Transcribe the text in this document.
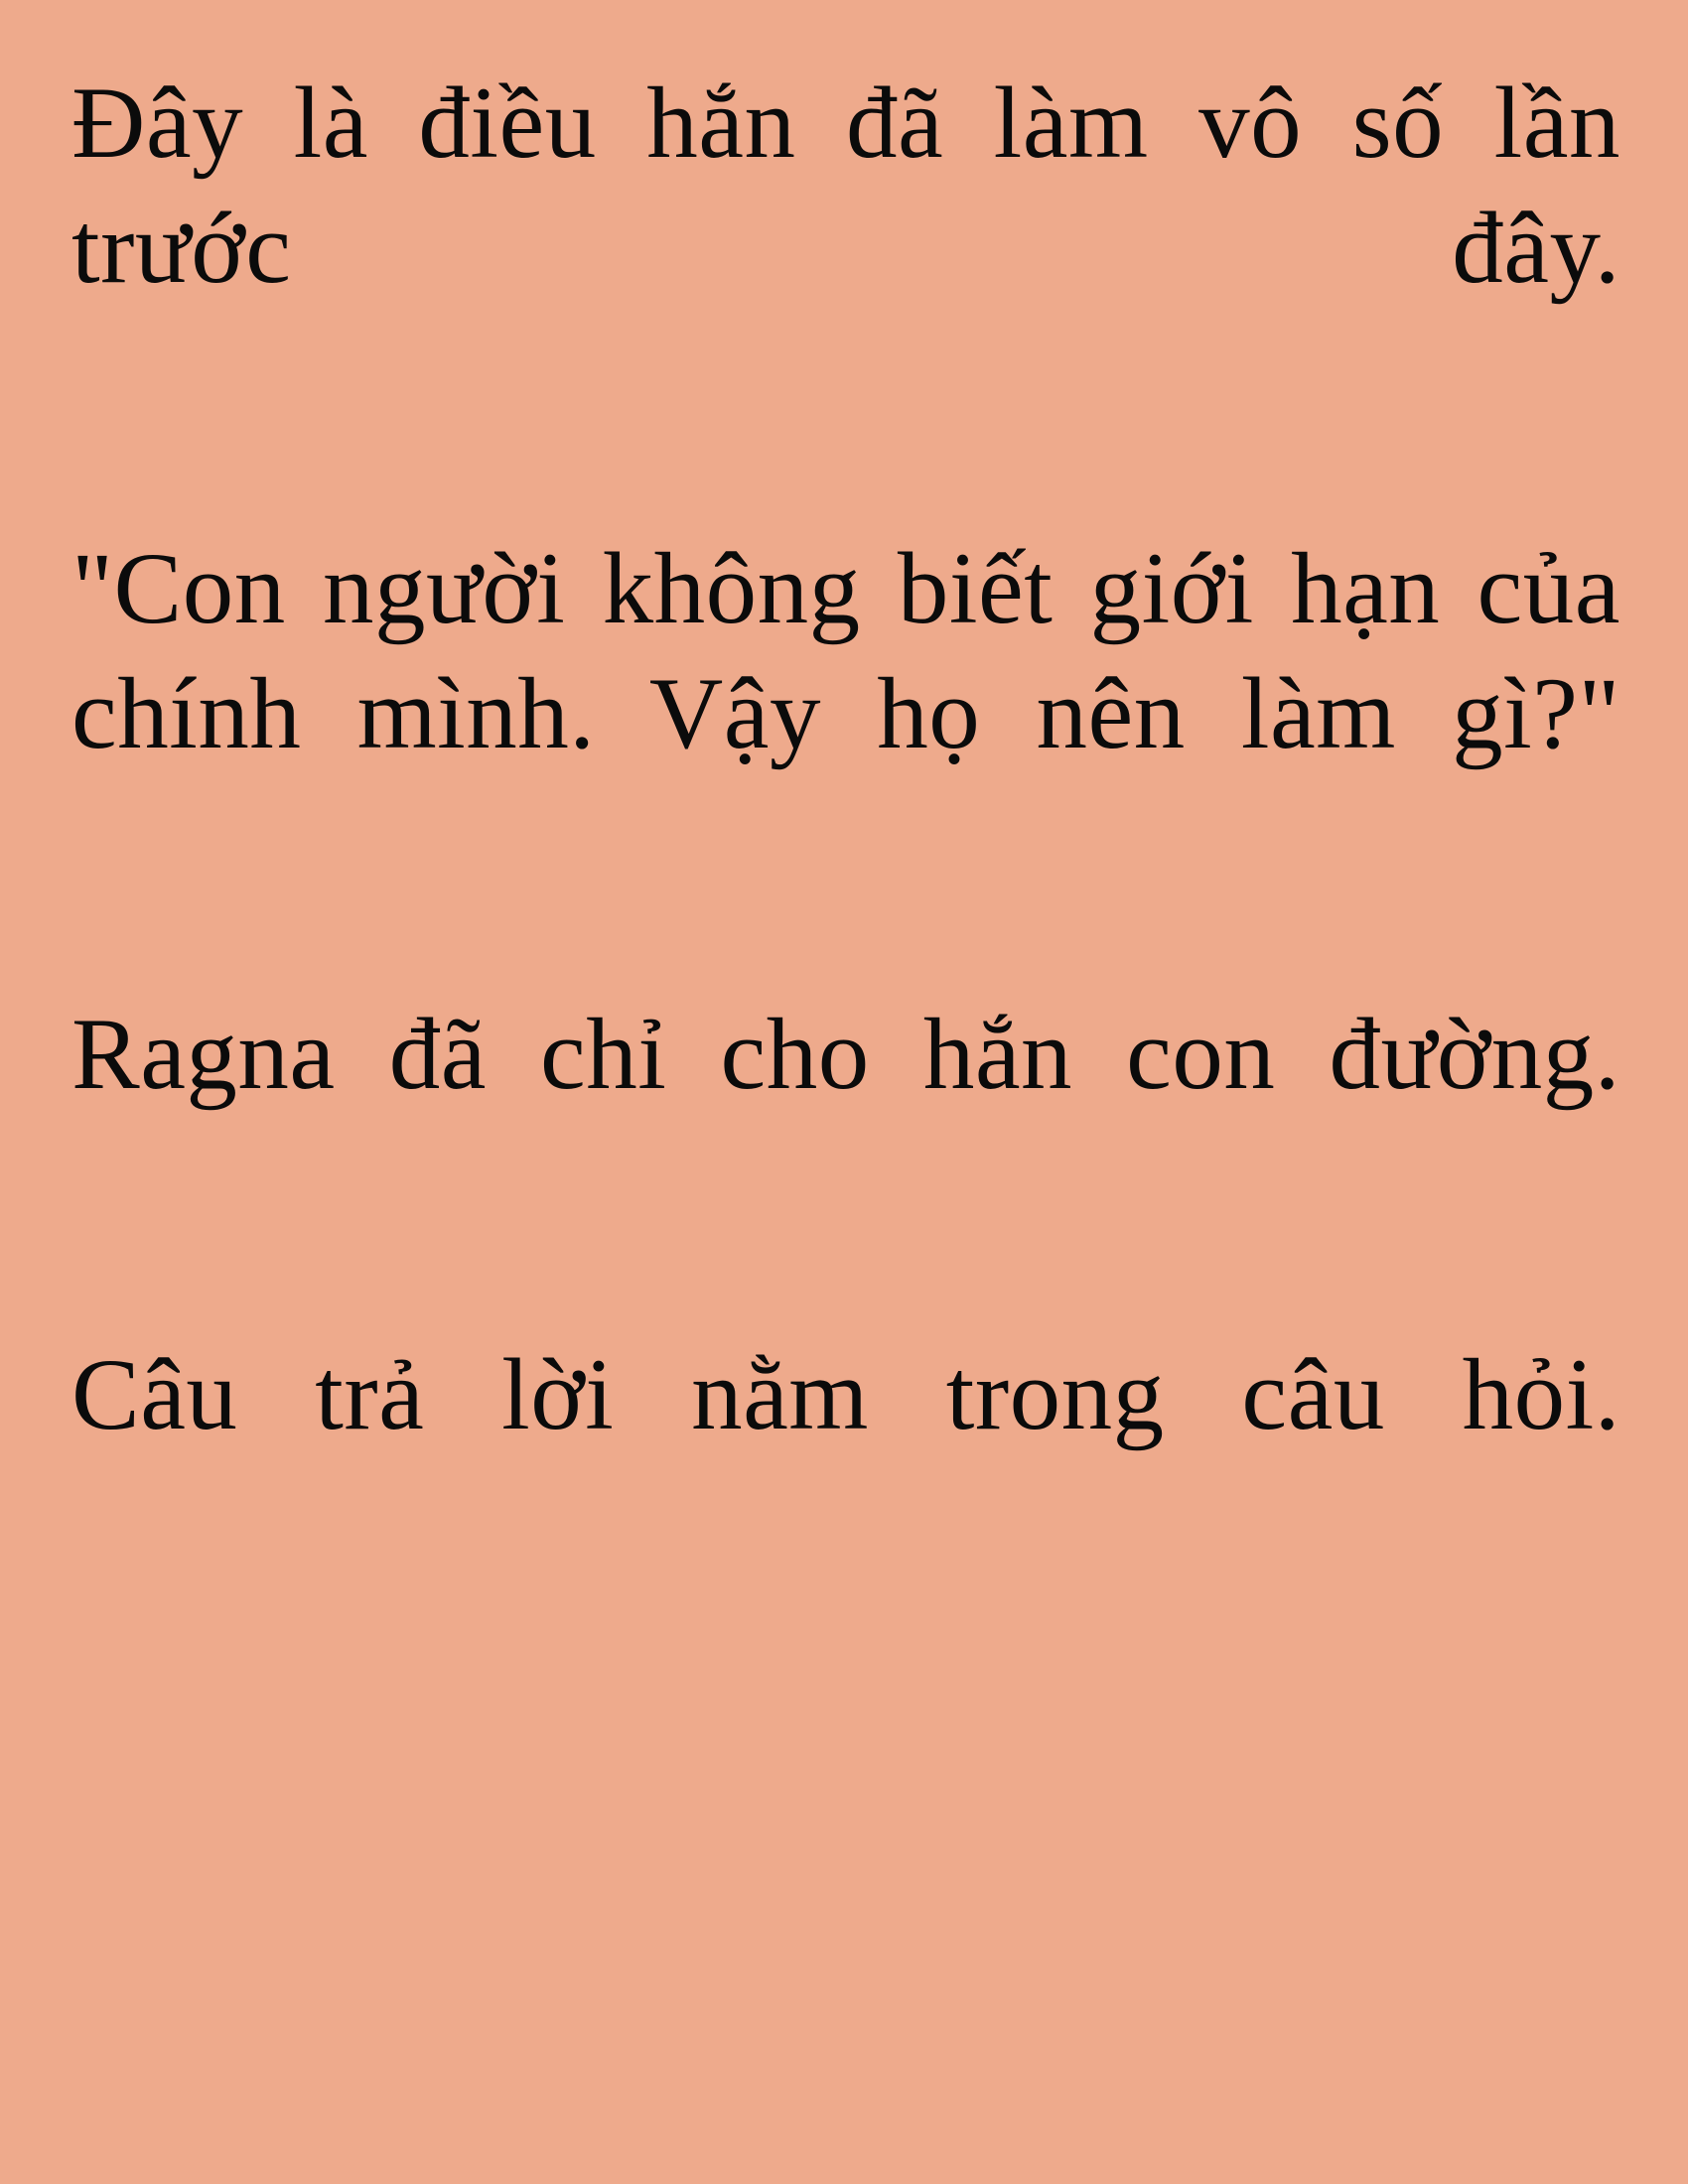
Đây là điều hắn đã làm vô số lần trước đây.

"Con người không biết giới hạn của chính mình. Vậy họ nên làm gì?"

Ragna đã chỉ cho hắn con đường.

Câu trả lời nằm trong câu hỏi.
